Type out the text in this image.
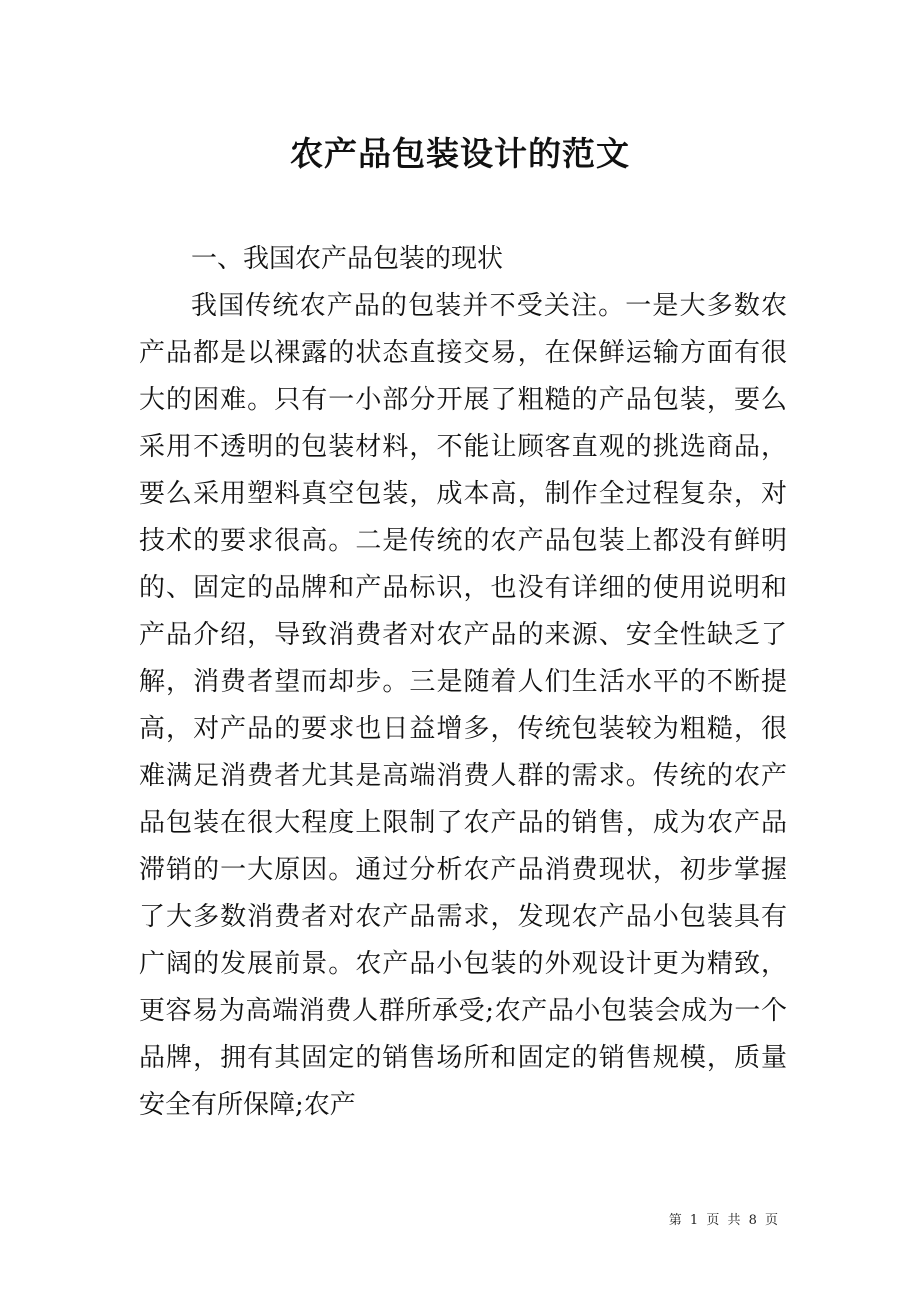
农产品包装设计的范文
一、我国农产品包装的现状

我国传统农产品的包装并不受关注。一是大多数农产品都是以裸露的状态直接交易，在保鲜运输方面有很大的困难。只有一小部分开展了粗糙的产品包装，要么采用不透明的包装材料，不能让顾客直观的挑选商品，要么采用塑料真空包装，成本高，制作全过程复杂，对技术的要求很高。二是传统的农产品包装上都没有鲜明的、固定的品牌和产品标识，也没有详细的使用说明和产品介绍，导致消费者对农产品的来源、安全性缺乏了解，消费者望而却步。三是随着人们生活水平的不断提高，对产品的要求也日益增多，传统包装较为粗糙，很难满足消费者尤其是高端消费人群的需求。传统的农产品包装在很大程度上限制了农产品的销售，成为农产品滞销的一大原因。通过分析农产品消费现状，初步掌握了大多数消费者对农产品需求，发现农产品小包装具有广阔的发展前景。农产品小包装的外观设计更为精致，更容易为高端消费人群所承受;农产品小包装会成为一个品牌，拥有其固定的销售场所和固定的销售规模，质量安全有所保障;农产

第 1 页 共 8 页
